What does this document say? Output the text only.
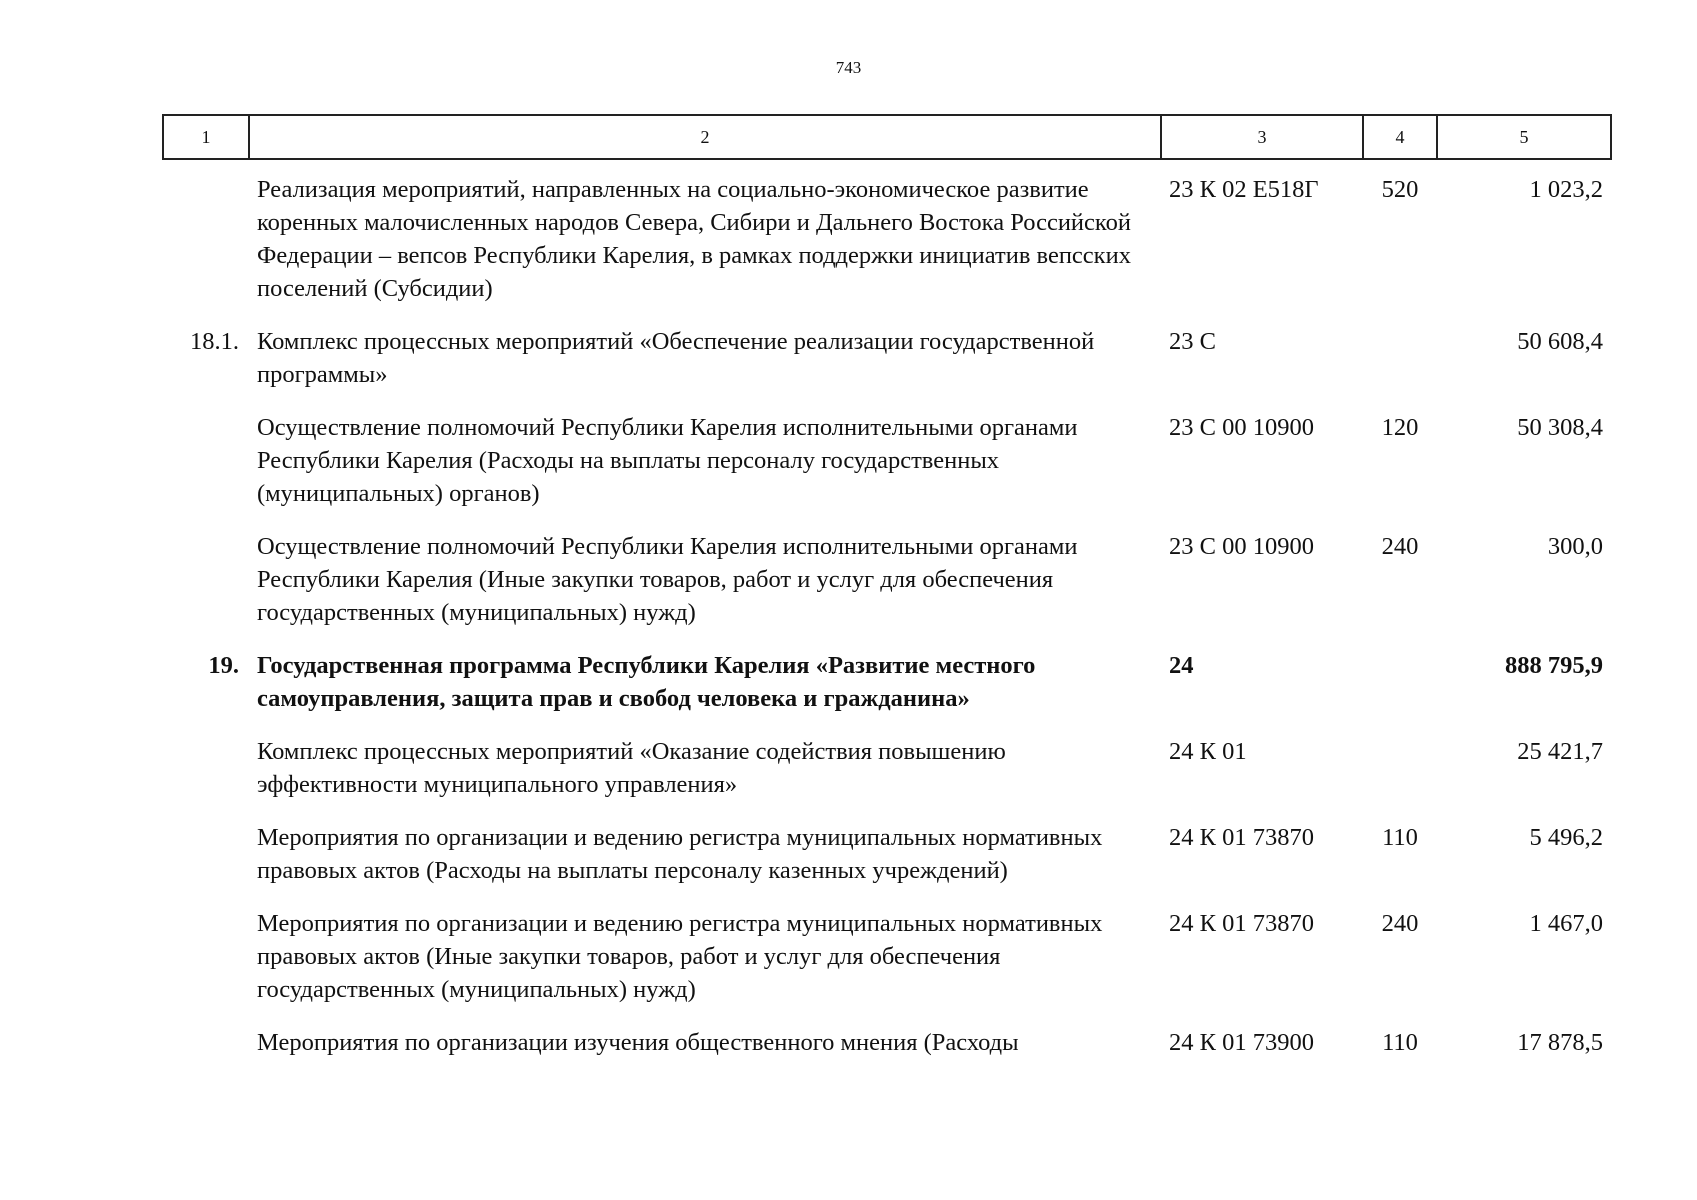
743
1	2	3	4	5
	Реализация мероприятий, направленных на социально-экономическое развитие коренных малочисленных народов Севера, Сибири и Дальнего Востока Российской Федерации – вепсов Республики Карелия, в рамках поддержки инициатив вепсских поселений (Субсидии)	23 К 02 Е518Г	520	1 023,2
18.1.	Комплекс процессных мероприятий «Обеспечение реализации государственной программы»	23 С		50 608,4
	Осуществление полномочий Республики Карелия исполнительными органами Республики Карелия (Расходы на выплаты персоналу государственных (муниципальных) органов)	23 С 00 10900	120	50 308,4
	Осуществление полномочий Республики Карелия исполнительными органами Республики Карелия (Иные закупки товаров, работ и услуг для обеспечения государственных (муниципальных) нужд)	23 С 00 10900	240	300,0
19.	Государственная программа Республики Карелия «Развитие местного самоуправления, защита прав и свобод человека и гражданина»	24		888 795,9
	Комплекс процессных мероприятий «Оказание содействия повышению эффективности муниципального управления»	24 К 01		25 421,7
	Мероприятия по организации и ведению регистра муниципальных нормативных правовых актов (Расходы на выплаты персоналу казенных учреждений)	24 К 01 73870	110	5 496,2
	Мероприятия по организации и ведению регистра муниципальных нормативных правовых актов (Иные закупки товаров, работ и услуг для обеспечения государственных (муниципальных) нужд)	24 К 01 73870	240	1 467,0
	Мероприятия по организации изучения общественного мнения (Расходы	24 К 01 73900	110	17 878,5
